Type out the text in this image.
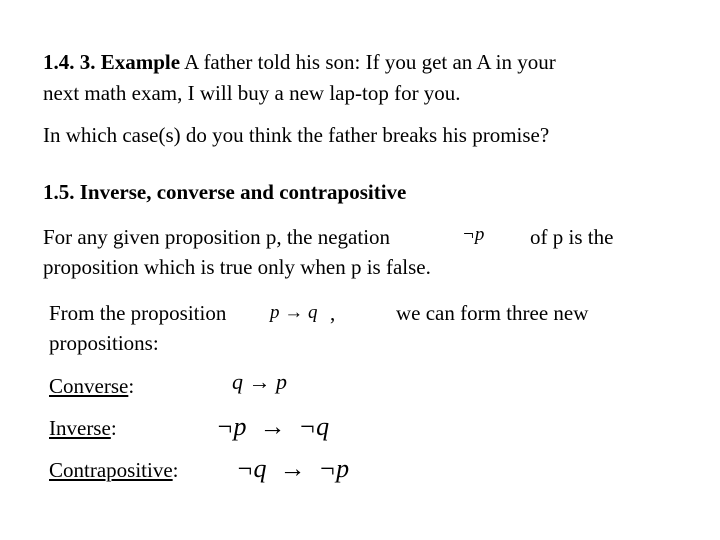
1.4. 3. Example A father told his son: If you get an A in your
next math exam, I will buy a new lap-top for you.
In which case(s) do you think the father breaks his promise?
1.5. Inverse, converse and contrapositive
For any given proposition p, the negation	¬p of p is the
proposition which is true only when p is false.
From the proposition p → q ,	we can form three new
propositions:
Converse:	q → p
Inverse:	¬p  →  ¬q
Contrapositive: ¬q  →  ¬p
